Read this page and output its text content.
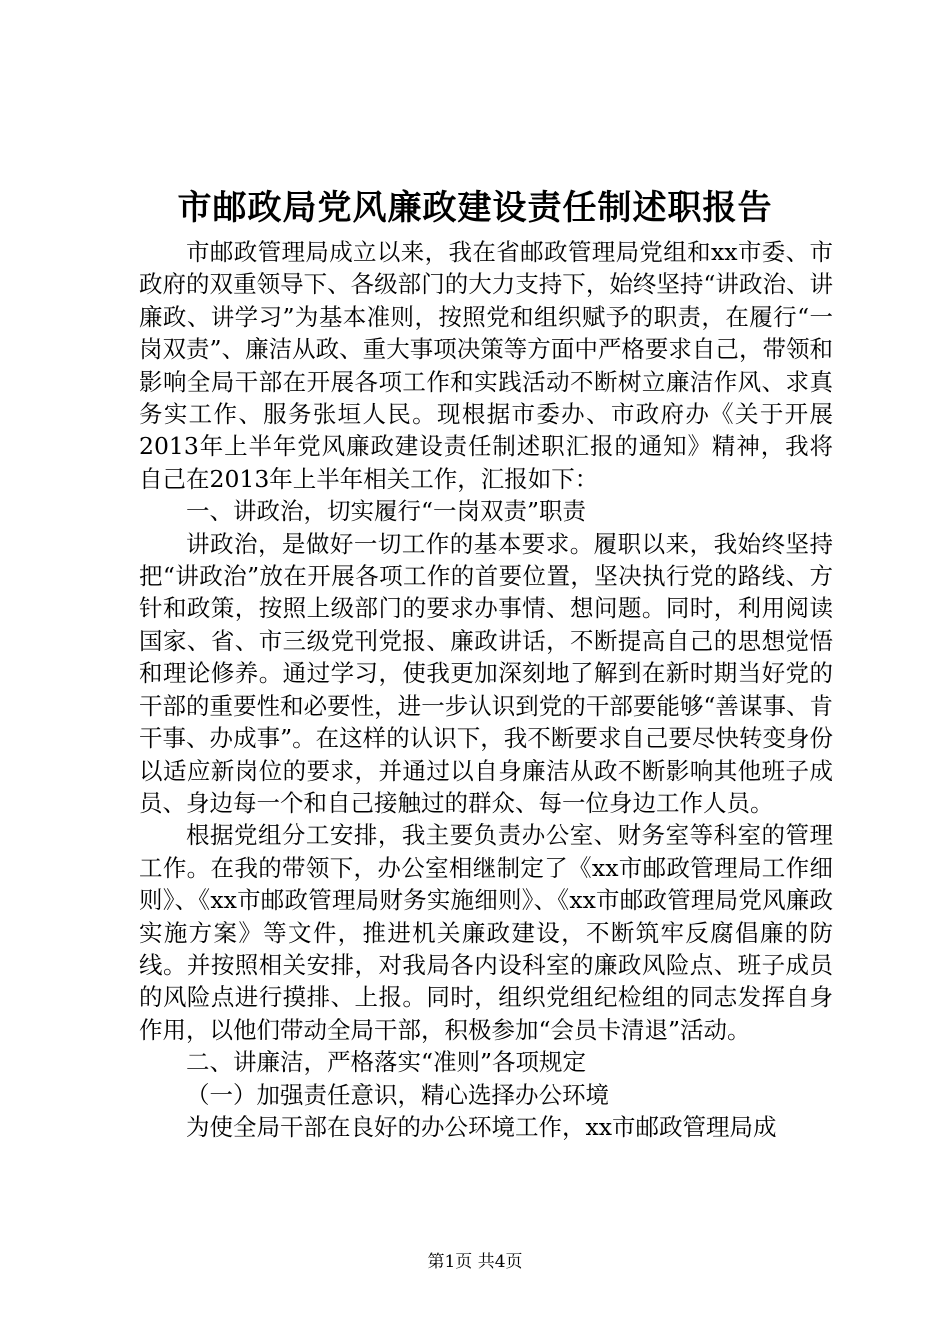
市邮政局党风廉政建设责任制述职报告

市邮政管理局成立以来，我在省邮政管理局党组和xx市委、市政府的双重领导下、各级部门的大力支持下，始终坚持“讲政治、讲廉政、讲学习”为基本准则，按照党和组织赋予的职责，在履行“一岗双责”、廉洁从政、重大事项决策等方面中严格要求自己，带领和影响全局干部在开展各项工作和实践活动不断树立廉洁作风、求真务实工作、服务张垣人民。现根据市委办、市政府办《关于开展2013年上半年党风廉政建设责任制述职汇报的通知》精神，我将自己在2013年上半年相关工作，汇报如下：

一、讲政治，切实履行“一岗双责”职责

讲政治，是做好一切工作的基本要求。履职以来，我始终坚持把“讲政治”放在开展各项工作的首要位置，坚决执行党的路线、方针和政策，按照上级部门的要求办事情、想问题。同时，利用阅读国家、省、市三级党刊党报、廉政讲话，不断提高自己的思想觉悟和理论修养。通过学习，使我更加深刻地了解到在新时期当好党的干部的重要性和必要性，进一步认识到党的干部要能够“善谋事、肯干事、办成事”。在这样的认识下，我不断要求自己要尽快转变身份以适应新岗位的要求，并通过以自身廉洁从政不断影响其他班子成员、身边每一个和自己接触过的群众、每一位身边工作人员。

根据党组分工安排，我主要负责办公室、财务室等科室的管理工作。在我的带领下，办公室相继制定了《xx市邮政管理局工作细则》、《xx市邮政管理局财务实施细则》、《xx市邮政管理局党风廉政实施方案》等文件，推进机关廉政建设，不断筑牢反腐倡廉的防线。并按照相关安排，对我局各内设科室的廉政风险点、班子成员的风险点进行摸排、上报。同时，组织党组纪检组的同志发挥自身作用，以他们带动全局干部，积极参加“会员卡清退”活动。

二、讲廉洁，严格落实“准则”各项规定

（一）加强责任意识，精心选择办公环境

为使全局干部在良好的办公环境工作，xx市邮政管理局成

第1页 共4页
